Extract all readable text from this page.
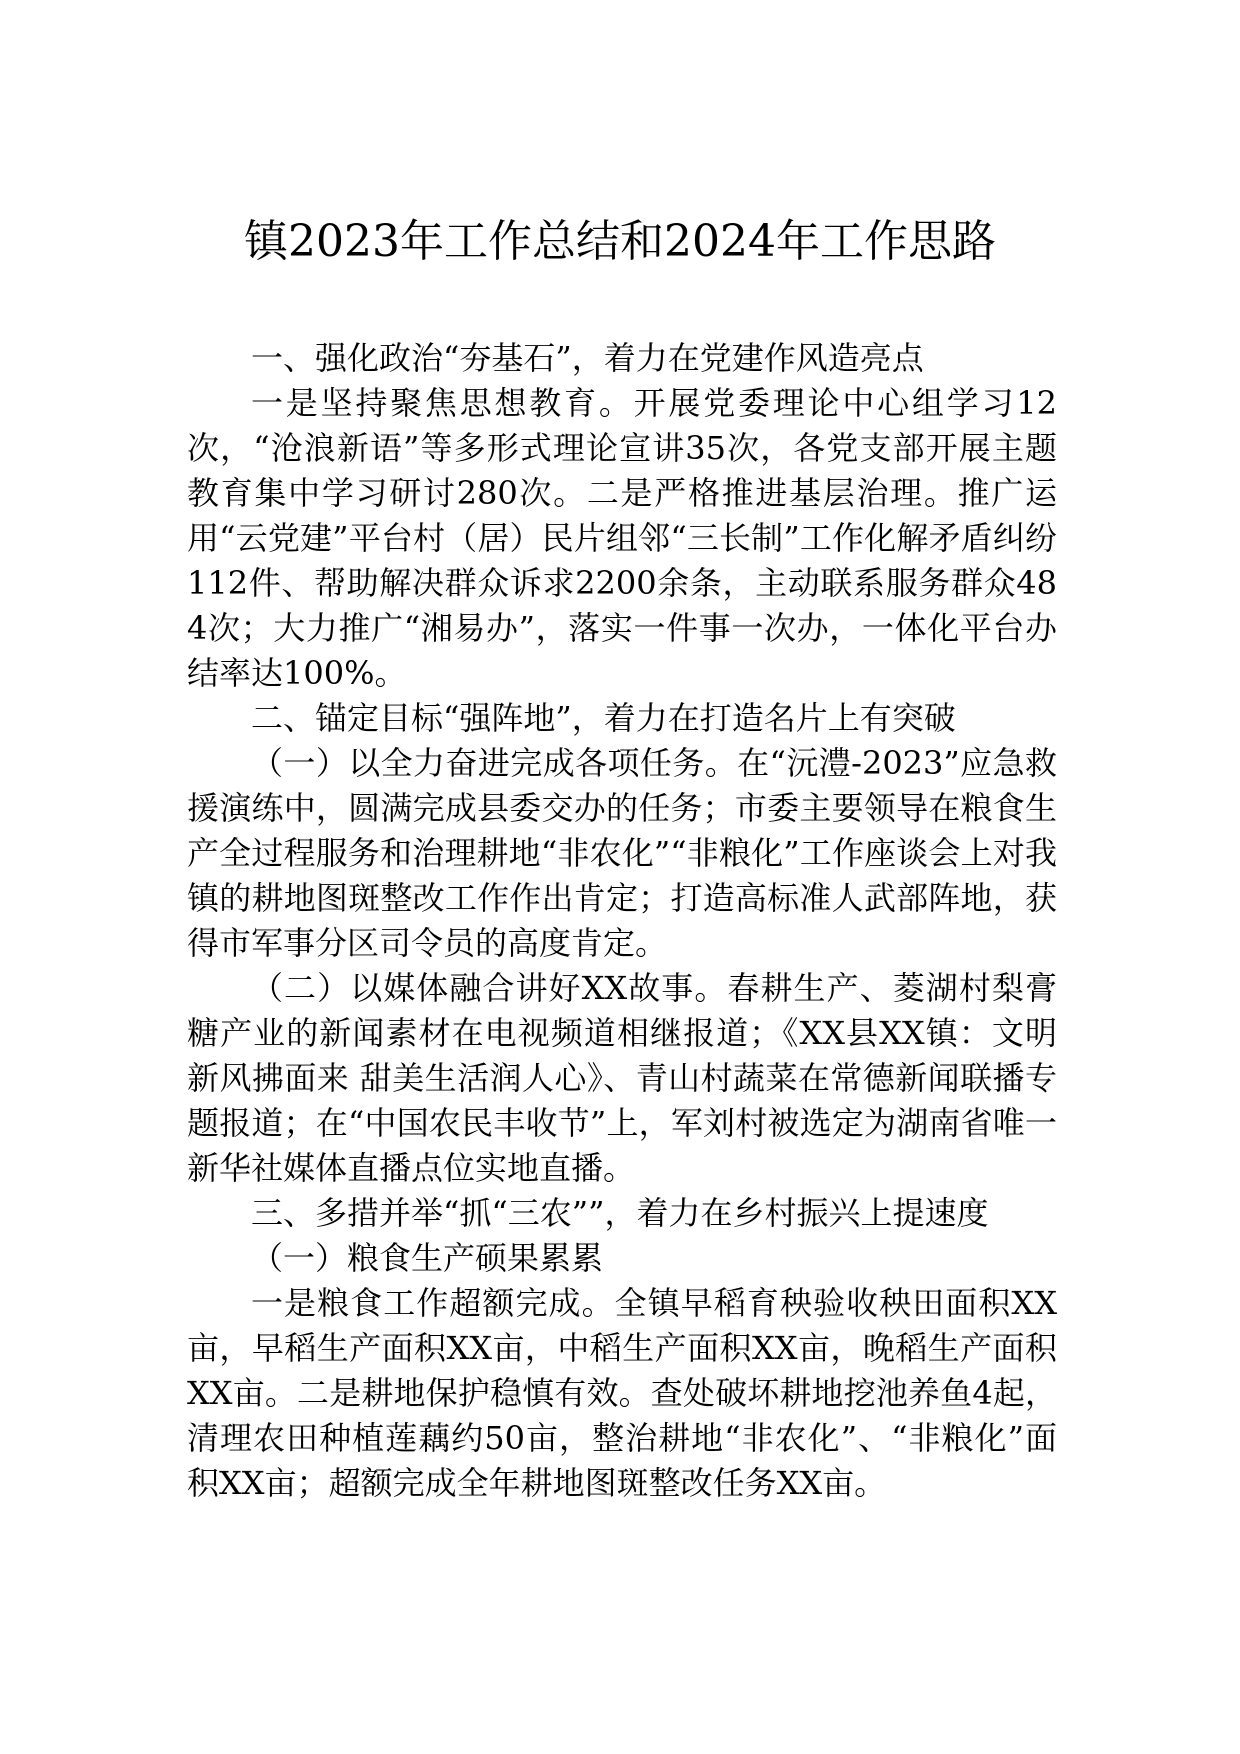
镇2023年工作总结和2024年工作思路

一、强化政治“夯基石”，着力在党建作风造亮点

一是坚持聚焦思想教育。开展党委理论中心组学习12次，“沧浪新语”等多形式理论宣讲35次，各党支部开展主题教育集中学习研讨280次。二是严格推进基层治理。推广运用“云党建”平台村（居）民片组邻“三长制”工作化解矛盾纠纷112件、帮助解决群众诉求2200余条，主动联系服务群众484次；大力推广“湘易办”，落实一件事一次办，一体化平台办结率达100%。

二、锚定目标“强阵地”，着力在打造名片上有突破

（一）以全力奋进完成各项任务。在“沅澧-2023”应急救援演练中，圆满完成县委交办的任务；市委主要领导在粮食生产全过程服务和治理耕地“非农化”“非粮化”工作座谈会上对我镇的耕地图斑整改工作作出肯定；打造高标准人武部阵地，获得市军事分区司令员的高度肯定。

（二）以媒体融合讲好XX故事。春耕生产、菱湖村梨膏糖产业的新闻素材在电视频道相继报道；《XX县XX镇：文明新风拂面来 甜美生活润人心》、青山村蔬菜在常德新闻联播专题报道；在“中国农民丰收节”上，军刘村被选定为湖南省唯一新华社媒体直播点位实地直播。

三、多措并举“抓“三农””，着力在乡村振兴上提速度

（一）粮食生产硕果累累

一是粮食工作超额完成。全镇早稻育秧验收秧田面积XX亩，早稻生产面积XX亩，中稻生产面积XX亩，晚稻生产面积XX亩。二是耕地保护稳慎有效。查处破坏耕地挖池养鱼4起，清理农田种植莲藕约50亩，整治耕地“非农化”、“非粮化”面积XX亩；超额完成全年耕地图斑整改任务XX亩。
